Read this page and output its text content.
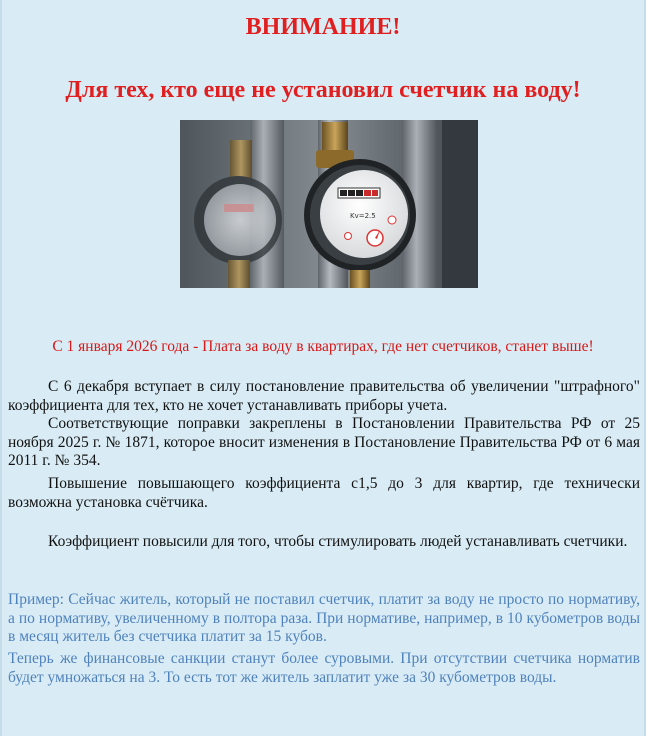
ВНИМАНИЕ!
Для тех, кто еще не установил счетчик на воду!
Kv=2.5
С 1 января 2026 года - Плата за воду в квартирах, где нет счетчиков, станет выше!
С 6 декабря вступает в силу постановление правительства об увеличении "штрафного" коэффициента для тех, кто не хочет устанавливать приборы учета.
Соответствующие поправки закреплены в Постановлении Правительства РФ от 25 ноября 2025 г. № 1871, которое вносит изменения в Постановление Правительства РФ от 6 мая 2011 г. № 354.
Повышение повышающего коэффициента с1,5 до 3 для квартир, где технически возможна установка счётчика.
Коэффициент повысили для того, чтобы стимулировать людей устанавливать счетчики.
Пример: Сейчас житель, который не поставил счетчик, платит за воду не просто по нормативу, а по нормативу, увеличенному в полтора раза. При нормативе, например, в 10 кубометров воды в месяц житель без счетчика платит за 15 кубов.
Теперь же финансовые санкции станут более суровыми. При отсутствии счетчика норматив будет умножаться на 3. То есть тот же житель заплатит уже за 30 кубометров воды.
